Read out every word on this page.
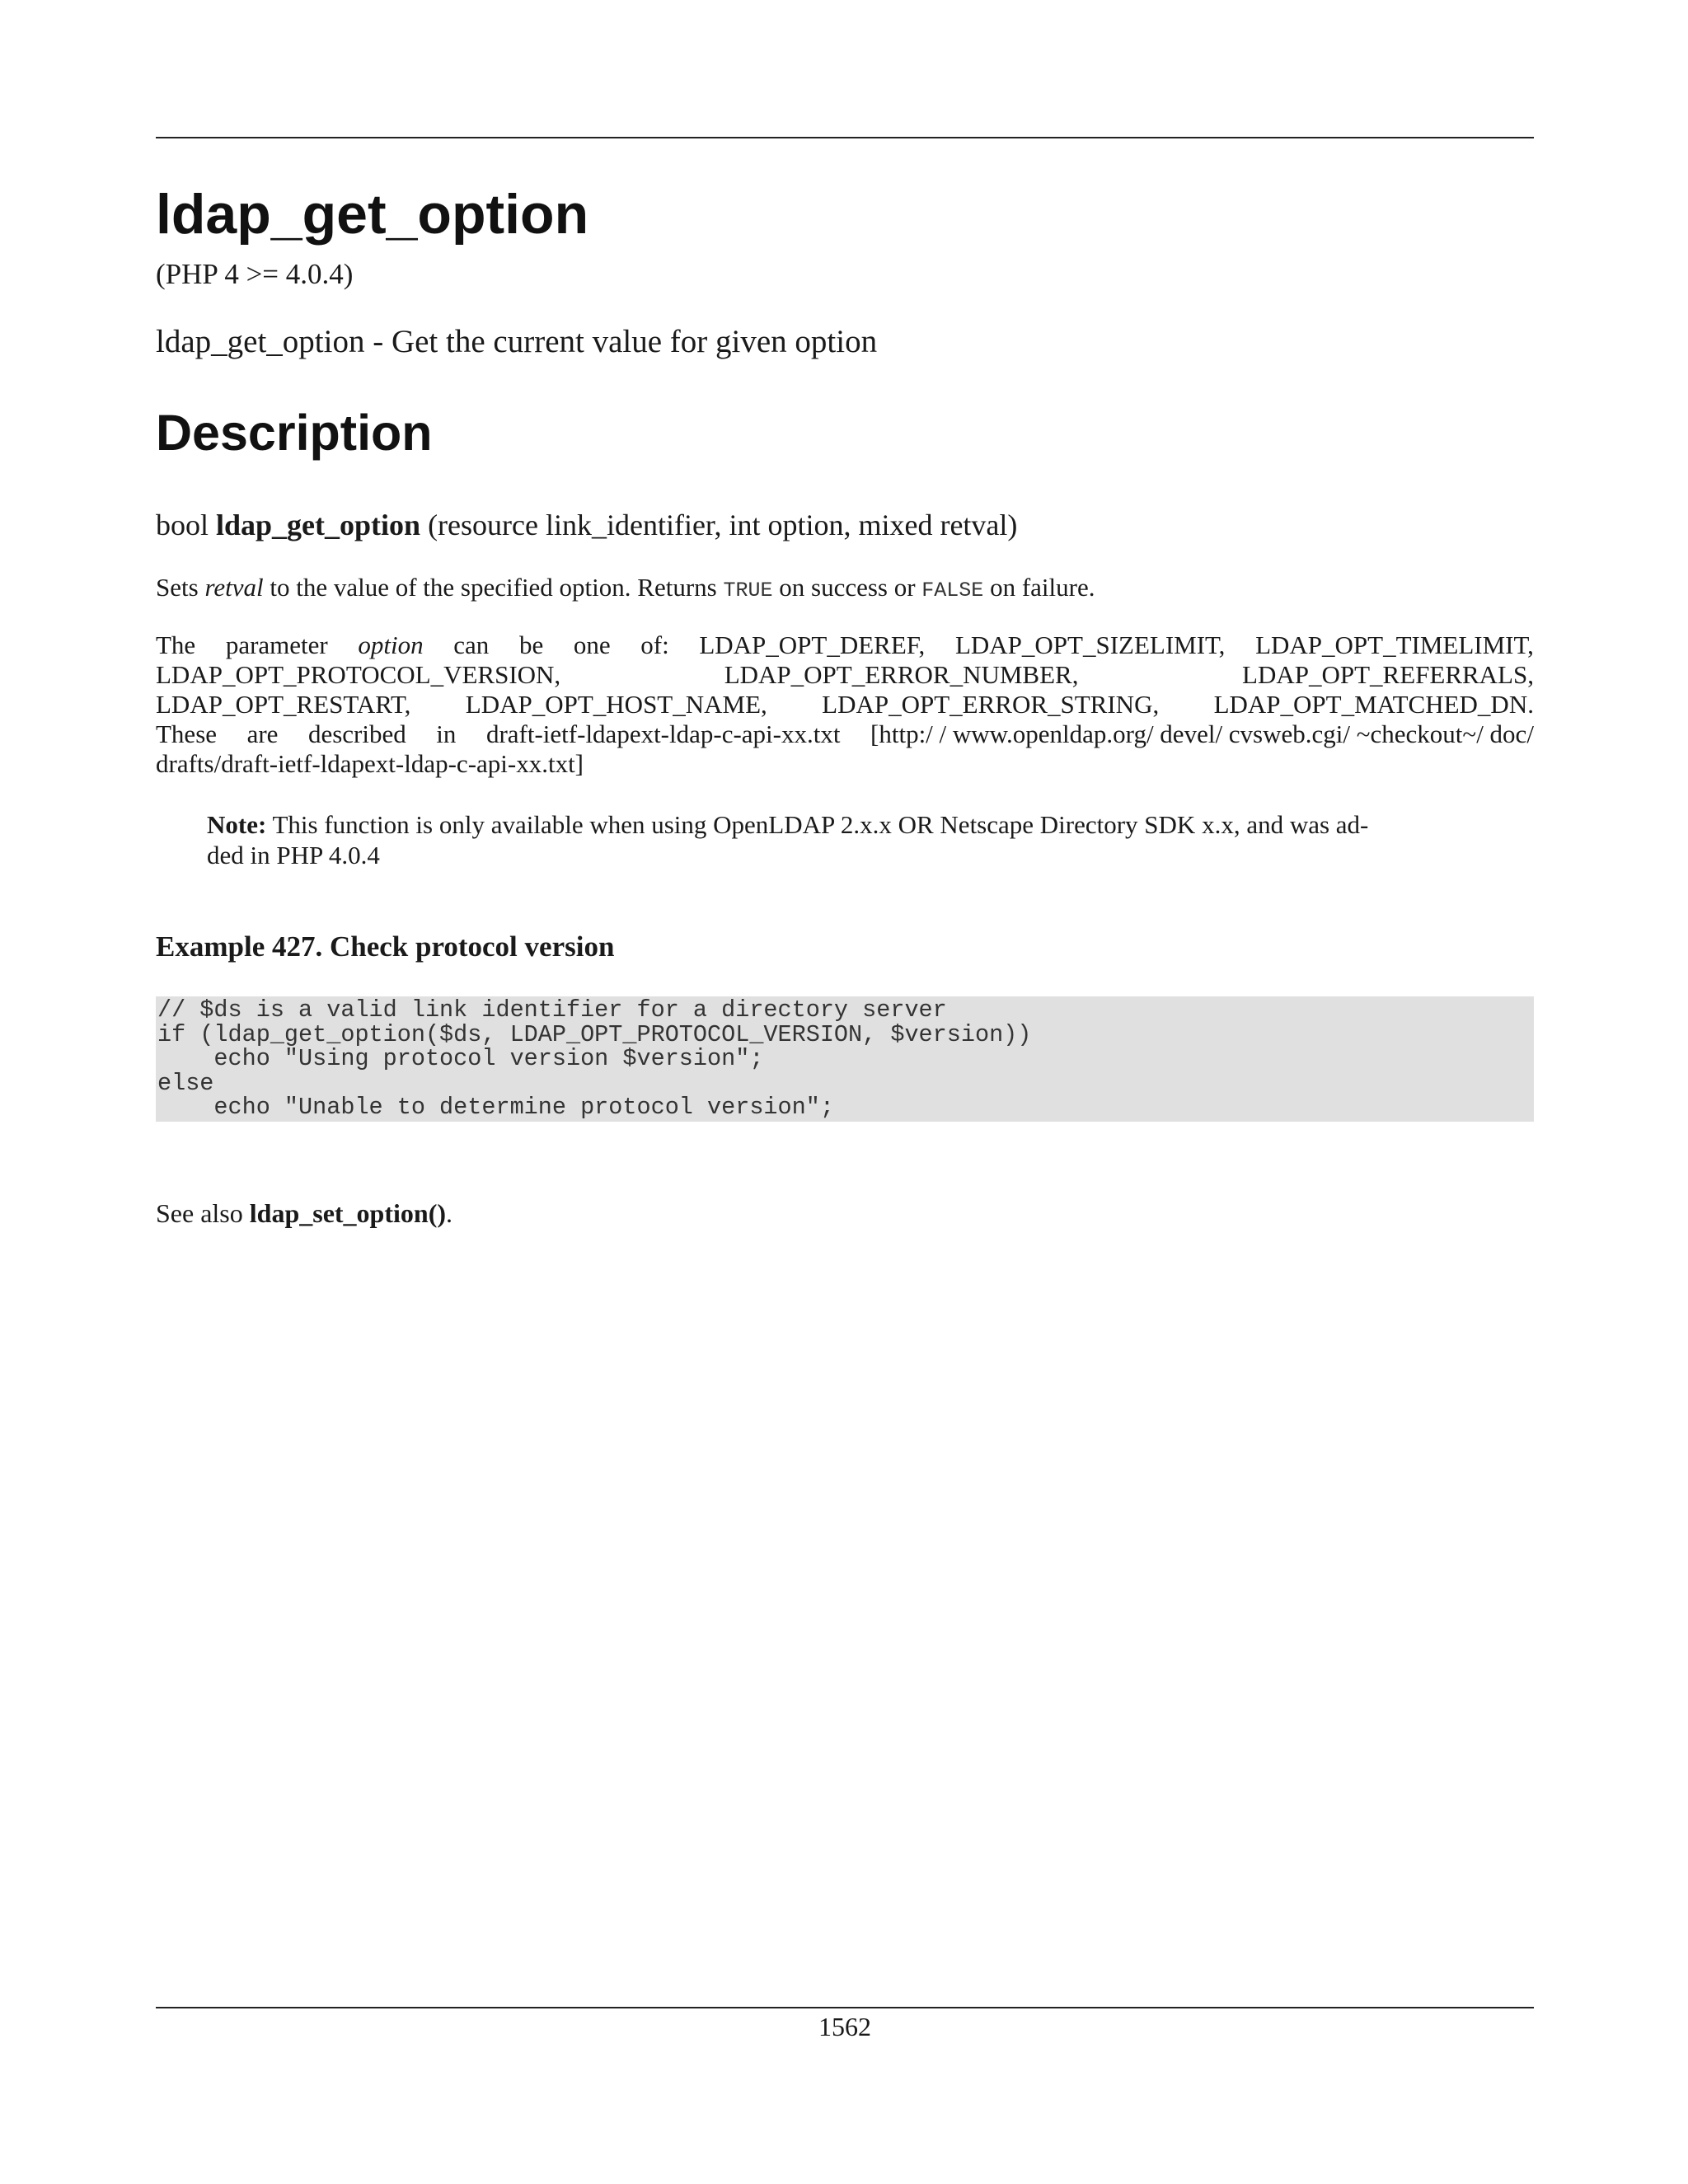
ldap_get_option
(PHP 4 >= 4.0.4)
ldap_get_option - Get the current value for given option
Description
bool ldap_get_option (resource link_identifier, int option, mixed retval)
Sets retval to the value of the specified option. Returns TRUE on success or FALSE on failure.
The parameter option can be one of: LDAP_OPT_DEREF, LDAP_OPT_SIZELIMIT, LDAP_OPT_TIMELIMIT,
LDAP_OPT_PROTOCOL_VERSION,	LDAP_OPT_ERROR_NUMBER,	LDAP_OPT_REFERRALS,
LDAP_OPT_RESTART, LDAP_OPT_HOST_NAME, LDAP_OPT_ERROR_STRING, LDAP_OPT_MATCHED_DN.
These are described in draft-ietf-ldapext-ldap-c-api-xx.txt [http:/ / www.openldap.org/ devel/ cvsweb.cgi/ ~checkout~/ doc/
drafts/draft-ietf-ldapext-ldap-c-api-xx.txt]
Note: This function is only available when using OpenLDAP 2.x.x OR Netscape Directory SDK x.x, and was ad-
ded in PHP 4.0.4
Example 427. Check protocol version
// $ds is a valid link identifier for a directory server
if (ldap_get_option($ds, LDAP_OPT_PROTOCOL_VERSION, $version))
echo "Using protocol version $version";
else
echo "Unable to determine protocol version";
See also ldap_set_option().
1562
